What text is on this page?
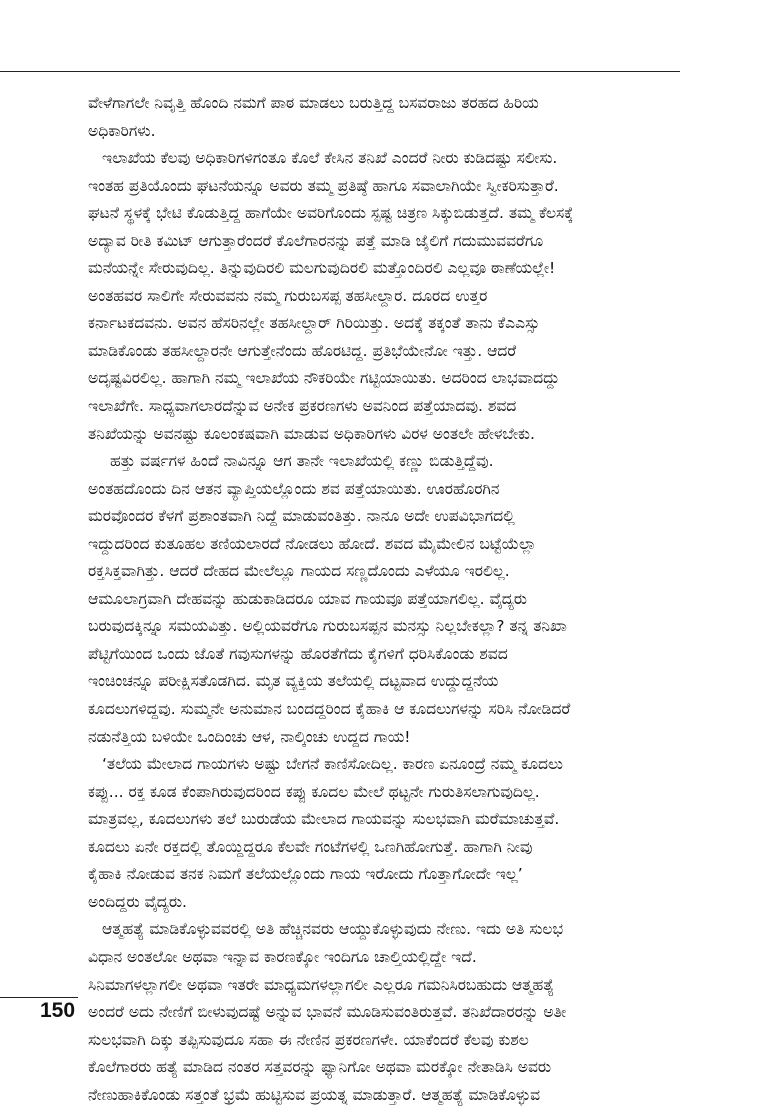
ವೇಳೆಗಾಗಲೇ ನಿವೃತ್ತಿ ಹೊಂದಿ ನಮಗೆ ಪಾಠ ಮಾಡಲು ಬರುತ್ತಿದ್ದ ಬಸವರಾಜು ತರಹದ ಹಿರಿಯ
ಅಧಿಕಾರಿಗಳು.
ಇಲಾಖೆಯ ಕೆಲವು ಅಧಿಕಾರಿಗಳಿಗಂತೂ ಕೊಲೆ ಕೇಸಿನ ತನಿಖೆ ಎಂದರೆ ನೀರು ಕುಡಿದಷ್ಟು ಸಲೀಸು.
ಇಂತಹ ಪ್ರತಿಯೊಂದು ಘಟನೆಯನ್ನೂ ಅವರು ತಮ್ಮ ಪ್ರತಿಷ್ಠೆ ಹಾಗೂ ಸವಾಲಾಗಿಯೇ ಸ್ವೀಕರಿಸುತ್ತಾರೆ.
ಘಟನೆ ಸ್ಥಳಕ್ಕೆ ಭೇಟಿ ಕೊಡುತ್ತಿದ್ದ ಹಾಗೆಯೇ ಅವರಿಗೊಂದು ಸ್ಪಷ್ಟ ಚಿತ್ರಣ ಸಿಕ್ಕುಬಿಡುತ್ತದೆ. ತಮ್ಮ ಕೆಲಸಕ್ಕೆ
ಅದ್ಯಾವ ರೀತಿ ಕಮಿಟ್ ಆಗುತ್ತಾರೆಂದರೆ ಕೊಲೆಗಾರನನ್ನು ಪತ್ತೆ ಮಾಡಿ ಜೈಲಿಗೆ ಗದುಮುವವರೆಗೂ
ಮನೆಯನ್ನೇ ಸೇರುವುದಿಲ್ಲ. ತಿನ್ನುವುದಿರಲಿ ಮಲಗುವುದಿರಲಿ ಮತ್ತೊಂದಿರಲಿ ಎಲ್ಲವೂ ಠಾಣೆಯಲ್ಲೇ!
ಅಂತಹವರ ಸಾಲಿಗೇ ಸೇರುವವನು ನಮ್ಮ ಗುರುಬಸಪ್ಪ ತಹಸೀಲ್ದಾರ. ದೂರದ ಉತ್ತರ
ಕರ್ನಾಟಕದವನು. ಅವನ ಹೆಸರಿನಲ್ಲೇ ತಹಸೀಲ್ದಾರ್ ಗಿರಿಯಿತ್ತು. ಅದಕ್ಕೆ ತಕ್ಕಂತೆ ತಾನು ಕೆಎಎಸ್ಸು
ಮಾಡಿಕೊಂಡು ತಹಸೀಲ್ದಾರನೇ ಆಗುತ್ತೇನೆಂದು ಹೊರಟಿದ್ದ. ಪ್ರತಿಭೆಯೇನೋ ಇತ್ತು. ಆದರೆ
ಅದೃಷ್ಟವಿರಲಿಲ್ಲ. ಹಾಗಾಗಿ ನಮ್ಮ ಇಲಾಖೆಯ ನೌಕರಿಯೇ ಗಟ್ಟಿಯಾಯಿತು. ಅದರಿಂದ ಲಾಭವಾದದ್ದು
ಇಲಾಖೆಗೇ. ಸಾಧ್ಯವಾಗಲಾರದೆನ್ನುವ ಅನೇಕ ಪ್ರಕರಣಗಳು ಅವನಿಂದ ಪತ್ತೆಯಾದವು. ಶವದ
ತನಿಖೆಯನ್ನು ಅವನಷ್ಟು ಕೂಲಂಕಷವಾಗಿ ಮಾಡುವ ಅಧಿಕಾರಿಗಳು ವಿರಳ ಅಂತಲೇ ಹೇಳಬೇಕು.
ಹತ್ತು ವರ್ಷಗಳ ಹಿಂದೆ ನಾವಿನ್ನೂ ಆಗ ತಾನೇ ಇಲಾಖೆಯಲ್ಲಿ ಕಣ್ಣು ಬಿಡುತ್ತಿದ್ದೆವು.
ಅಂತಹದೊಂದು ದಿನ ಆತನ ವ್ಯಾಪ್ತಿಯಲ್ಲೊಂದು ಶವ ಪತ್ತೆಯಾಯಿತು. ಊರಹೊರಗಿನ
ಮರವೊಂದರ ಕೆಳಗೆ ಪ್ರಶಾಂತವಾಗಿ ನಿದ್ದೆ ಮಾಡುವಂತಿತ್ತು. ನಾನೂ ಅದೇ ಉಪವಿಭಾಗದಲ್ಲಿ
ಇದ್ದುದರಿಂದ ಕುತೂಹಲ ತಣಿಯಲಾರದೆ ನೋಡಲು ಹೋದೆ. ಶವದ ಮೈಮೇಲಿನ ಬಟ್ಟೆಯೆಲ್ಲಾ
ರಕ್ತಸಿಕ್ತವಾಗಿತ್ತು. ಆದರೆ ದೇಹದ ಮೇಲೆಲ್ಲೂ ಗಾಯದ ಸಣ್ಣದೊಂದು ಎಳೆಯೂ ಇರಲಿಲ್ಲ.
ಆಮೂಲಾಗ್ರವಾಗಿ ದೇಹವನ್ನು ಹುಡುಕಾಡಿದರೂ ಯಾವ ಗಾಯವೂ ಪತ್ತೆಯಾಗಲಿಲ್ಲ. ವೈದ್ಯರು
ಬರುವುದಕ್ಕಿನ್ನೂ ಸಮಯವಿತ್ತು. ಅಲ್ಲಿಯವರೆಗೂ ಗುರುಬಸಪ್ಪನ ಮನಸ್ಸು ನಿಲ್ಲಬೇಕಲ್ಲಾ? ತನ್ನ ತನಿಖಾ
ಪೆಟ್ಟಿಗೆಯಿಂದ ಒಂದು ಜೊತೆ ಗವುಸುಗಳನ್ನು ಹೊರತೆಗೆದು ಕೈಗಳಿಗೆ ಧರಿಸಿಕೊಂಡು ಶವದ
ಇಂಚಿಂಚನ್ನೂ ಪರೀಕ್ಷಿಸತೊಡಗಿದ. ಮೃತ ವ್ಯಕ್ತಿಯ ತಲೆಯಲ್ಲಿ ದಟ್ಟವಾದ ಉದ್ದುದ್ದನೆಯ
ಕೂದಲುಗಳಿದ್ದವು. ಸುಮ್ಮನೇ ಅನುಮಾನ ಬಂದದ್ದರಿಂದ ಕೈಹಾಕಿ ಆ ಕೂದಲುಗಳನ್ನು ಸರಿಸಿ ನೋಡಿದರೆ
ನಡುನೆತ್ತಿಯ ಬಳಿಯೇ ಒಂದಿಂಚು ಆಳ, ನಾಲ್ಕಿಂಚು ಉದ್ದದ ಗಾಯ!
‘ತಲೆಯ ಮೇಲಾದ ಗಾಯಗಳು ಅಷ್ಟು ಬೇಗನೆ ಕಾಣಿಸೋದಿಲ್ಲ. ಕಾರಣ ಏನೂಂದ್ರೆ ನಮ್ಮ ಕೂದಲು
ಕಪ್ಪು... ರಕ್ತ ಕೂಡ ಕೆಂಪಾಗಿರುವುದರಿಂದ ಕಪ್ಪು ಕೂದಲ ಮೇಲೆ ಥಟ್ಟನೇ ಗುರುತಿಸಲಾಗುವುದಿಲ್ಲ.
ಮಾತ್ರವಲ್ಲ, ಕೂದಲುಗಳು ತಲೆ ಬುರುಡೆಯ ಮೇಲಾದ ಗಾಯವನ್ನು ಸುಲಭವಾಗಿ ಮರೆಮಾಚುತ್ತವೆ.
ಕೂದಲು ಏನೇ ರಕ್ತದಲ್ಲಿ ತೊಯ್ದಿದ್ದರೂ ಕೆಲವೇ ಗಂಟೆಗಳಲ್ಲಿ ಒಣಗಿಹೋಗುತ್ತೆ. ಹಾಗಾಗಿ ನೀವು
ಕೈಹಾಕಿ ನೋಡುವ ತನಕ ನಿಮಗೆ ತಲೆಯಲ್ಲೊಂದು ಗಾಯ ಇರೋದು ಗೊತ್ತಾಗೋದೇ ಇಲ್ಲ’
ಅಂದಿದ್ದರು ವೈದ್ಯರು.
ಆತ್ಮಹತ್ಯೆ ಮಾಡಿಕೊಳ್ಳುವವರಲ್ಲಿ ಅತಿ ಹೆಚ್ಚಿನವರು ಆಯ್ದುಕೊಳ್ಳುವುದು ನೇಣು. ಇದು ಅತಿ ಸುಲಭ
ವಿಧಾನ ಅಂತಲೋ ಅಥವಾ ಇನ್ನಾವ ಕಾರಣಕ್ಕೋ ಇಂದಿಗೂ ಚಾಲ್ತಿಯಲ್ಲಿದ್ದೇ ಇದೆ.
ಸಿನಿಮಾಗಳಲ್ಲಾಗಲೀ ಅಥವಾ ಇತರೇ ಮಾಧ್ಯಮಗಳಲ್ಲಾಗಲೀ ಎಲ್ಲರೂ ಗಮನಿಸಿರಬಹುದು ಆತ್ಮಹತ್ಯೆ
ಅಂದರೆ ಅದು ನೇಣಿಗೆ ಬೀಳುವುದಷ್ಟೆ ಅನ್ನುವ ಭಾವನೆ ಮೂಡಿಸುವಂತಿರುತ್ತವೆ. ತನಿಖೆದಾರರನ್ನು ಅತೀ
ಸುಲಭವಾಗಿ ದಿಕ್ಕು ತಪ್ಪಿಸುವುದೂ ಸಹಾ ಈ ನೇಣಿನ ಪ್ರಕರಣಗಳೇ. ಯಾಕೆಂದರೆ ಕೆಲವು ಕುಶಲ
ಕೊಲೆಗಾರರು ಹತ್ಯೆ ಮಾಡಿದ ನಂತರ ಸತ್ತವರನ್ನು ಫ್ಯಾನಿಗೋ ಅಥವಾ ಮರಕ್ಕೋ ನೇತಾಡಿಸಿ ಅವರು
ನೇಣುಹಾಕಿಕೊಂಡು ಸತ್ತಂತೆ ಭ್ರಮೆ ಹುಟ್ಟಿಸುವ ಪ್ರಯತ್ನ ಮಾಡುತ್ತಾರೆ. ಆತ್ಮಹತ್ಯೆ ಮಾಡಿಕೊಳ್ಳುವ
150
